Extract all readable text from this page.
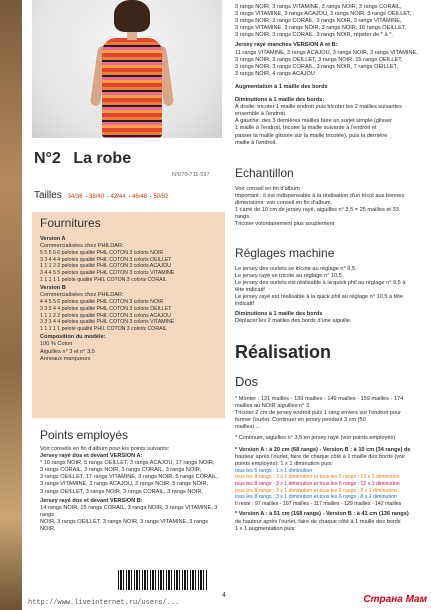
N°2 La robe
N°070-711-597
Tailles 34/36 - 38/40 - 42/44 - 46/48 - 50/52
Fournitures
Version A
Commercialisées chez PHILDAR:
5 5 5 6 6 pelotes qualité PHIL COTON 3 coloris NOIR
3 3 4 4 4 pelotes qualité PHIL COTON 3 coloris OEILLET
1 1 1 2 2 pelotes qualité PHIL COTON 3 coloris ACAJOU
3 4 4 5 5 pelotes qualité PHIL COTON 3 coloris VITAMINE
1 1 1 1 1 pelote qualité PHIL COTON 3 coloris CORAIL
Version B
Commercialisées chez PHILDAR:
4 4 5 5 6 pelotes qualité PHIL COTON 3 coloris NOIR
3 3 3 4 4 pelotes qualité PHIL COTON 3 coloris OEILLET
1 1 1 2 2 pelotes qualité PHIL COTON 3 coloris ACAJOU
3 3 3 4 4 pelotes qualité PHIL COTON 3 coloris VITAMINE
1 1 1 1 1 pelote qualité PHIL COTON 3 coloris CORAIL
Composition du modèle:
100 % Coton
Aiguilles n° 3 et n° 3,5
Anneaux marqueurs
Points employés
Voir conseils en fin d'album pour les points suivants:
Jersey rayé dos et devant VERSION A:
* 10 rangs NOIR, 5 rangs OEILLET, 3 rangs ACAJOU, 17 rangs NOIR,
3 rangs CORAIL, 3 rangs NOIR, 3 rangs CORAIL, 3 rangs NOIR,
3 rangs OEILLET, 17 rangs VITAMINE, 3 rangs NOIR, 5 rangs CORAIL,
3 rangs VITAMINE, 3 rangs ACAJOU, 3 rangs NOIR, 5 rangs NOIR,
3 rangs OEILLET, 3 rangs NOIR, 3 rangs CORAIL, 3 rangs NOIR,
Jersey rayé dos et devant VERSION B:
14 rangs NOIR, 15 rangs CORAIL, 3 rangs NOIR, 3 rangs VITAMINE, 3 rangs
NOIR, 3 rangs OEILLET, 3 rangs NOIR, 3 rangs VITAMINE, 3 rangs NOIR,
3 rangs NOIR, 3 rangs VITAMINE, 3 rangs NOIR, 3 rangs CORAIL,
3 rangs VITAMINE, 3 rangs ACAJOU, 3 rangs NOIR, 3 rangs OEILLET,
3 rangs NOIR, 3 rangs CORAIL, 3 rangs NOIR, 3 rangs VITAMINE,
3 rangs VITAMINE, 3 rangs NOIR, 3 rangs NOIR, 16 rangs OEILLET,
3 rangs NOIR, 3 rangs CORAIL, 3 rangs NOIR, répéter de * à *.
Jersey rayé manches VERSION A et B:
11 rangs VITAMINE, 3 rangs ACAJOU, 3 rangs NOIR, 3 rangs VITAMINE,
3 rangs NOIR, 3 rangs OEILLET, 3 rangs NOIR, 15 rangs OEILLET,
3 rangs NOIR, 3 rangs CORAIL, 3 rangs NOIR, 7 rangs OEILLET,
3 rangs NOIR, 4 rangs ACAJOU
Augmentation à 1 maille des bords
Diminutions à 1 maille des bords:
À droite: tricoter 1 maille endroit puis tricoter les 2 mailles suivantes
ensemble à l'endroit.
À gauche: des 3 dernières mailles faire un surjet simple (glisser
1 maille à l'endroit, tricoter la maille suivante à l'endroit et
passer la maille glissée sur la maille tricotée), puis la dernière
maille à l'endroit.
Echantillon
Voir conseil en fin d'album
Important : il est indispensable à la réalisation d'un tricot aux bonnes
dimensions: voir conseil en fin d'album.
1 carré de 10 cm de jersey rayé, aiguilles n° 3,5 = 25 mailles et 33
rangs.
Tricoter volontairement plus souplement
Réglages machine
Le jersey des ourlets se tricote au réglage n° 9,5
Le jersey rayé se tricote au réglage n° 10,5
Le jersey des ourlets est réalisable à la quick phil au réglage n° 9,5 à
tête indicatif
Le jersey rayé est réalisable à la quick phil au réglage n° 10,5 à tête
indicatif
Diminutions à 1 maille des bords
Déplacer les 2 mailles des bords d'une aiguille.
Réalisation
Dos
* Monter : 131 mailles - 139 mailles - 149 mailles - 159 mailles - 174
mailles au NOIR aiguilles n° 3.
Tricoter 2 cm de jersey endroit puis 1 rang envers sur l'endroit pour
former l'ourlet. Continuer en jersey pendant 3 cm (50
mailles) ...
* Continuer, aiguilles n° 3,5 en jersey rayé (voir points employés)
* Version A : à 20 cm (68 rangs) - Version B : à 10 cm (34 rangs) de
hauteur après l'ourlet, faire de chaque côté à 1 maille des bords (voir
points employés): 1 x 1 diminution puis:
tous les 6 rangs : 1 x 1 diminution
tous les 8 rangs : 3 x 1 diminution et tous les 6 rangs : 12 x 1 diminution
tous les 8 rangs : 3 x 1 diminution et tous les 6 rangs : 12 x 1 diminution
tous les 8 rangs : 3 x 1 diminution et tous les 6 rangs : 8 x 1 diminution
tous les 8 rangs : 3 x 1 diminution et tous les 6 rangs : 8 x 1 diminution
Il reste : 97 mailles - 107 mailles - 117 mailles - 129 mailles - 142 mailles
* Version A : à 51 cm (168 rangs) - Version B : à 41 cm (136 rangs)
de hauteur après l'ourlet, faire de chaque côté à 1 maille des bords
1 x 1 augmentation puis:
4
http://www.liveinternet.ru/users/...	Страна Мам
